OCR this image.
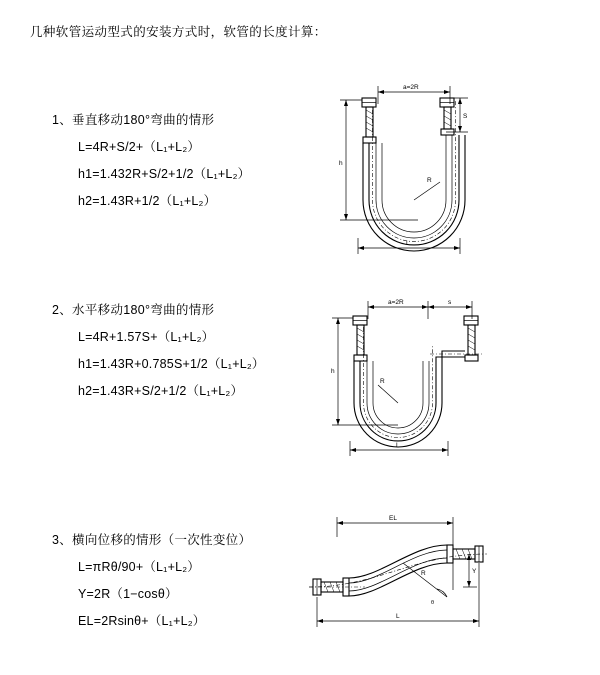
几种软管运动型式的安装方式时，软管的长度计算：
1、垂直移动180°弯曲的情形
L=4R+S/2+（L₁+L₂）
h1=1.432R+S/2+1/2（L₁+L₂）
h2=1.43R+1/2（L₁+L₂）
a=2R
S
R
h
L
2、水平移动180°弯曲的情形
L=4R+1.57S+（L₁+L₂）
h1=1.43R+0.785S+1/2（L₁+L₂）
h2=1.43R+S/2+1/2（L₁+L₂）
a=2R	s
R
h
L
3、横向位移的情形（一次性变位）
L=πRθ/90+（L₁+L₂）
Y=2R（1−cosθ）
EL=2Rsinθ+（L₁+L₂）
EL
R
θ
Y
L
